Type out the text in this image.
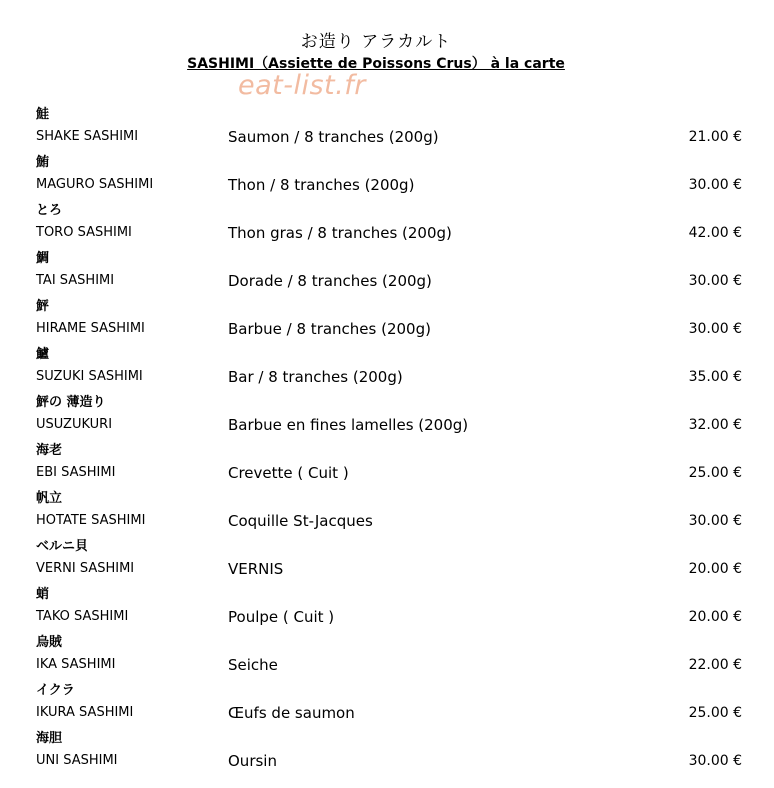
お造り アラカルト
SASHIMI（Assiette de Poissons Crus） à la carte
eat-list.fr
鮭
SHAKE SASHIMI	Saumon / 8 tranches (200g)	21.00 €
鮪
MAGURO SASHIMI	Thon / 8 tranches (200g)	30.00 €
とろ
TORO SASHIMI	Thon gras / 8 tranches (200g)	42.00 €
鯛
TAI SASHIMI	Dorade / 8 tranches (200g)	30.00 €
鮃
HIRAME SASHIMI	Barbue / 8 tranches (200g)	30.00 €
鱸
SUZUKI SASHIMI	Bar / 8 tranches (200g)	35.00 €
鮃の 薄造り
USUZUKURI	Barbue en fines lamelles (200g)	32.00 €
海老
EBI SASHIMI	Crevette ( Cuit )	25.00 €
帆立
HOTATE SASHIMI	Coquille St-Jacques	30.00 €
ベルニ貝
VERNI SASHIMI	VERNIS	20.00 €
蛸
TAKO SASHIMI	Poulpe ( Cuit )	20.00 €
烏賊
IKA SASHIMI	Seiche	22.00 €
イクラ
IKURA SASHIMI	Œufs de saumon	25.00 €
海胆
UNI SASHIMI	Oursin	30.00 €
